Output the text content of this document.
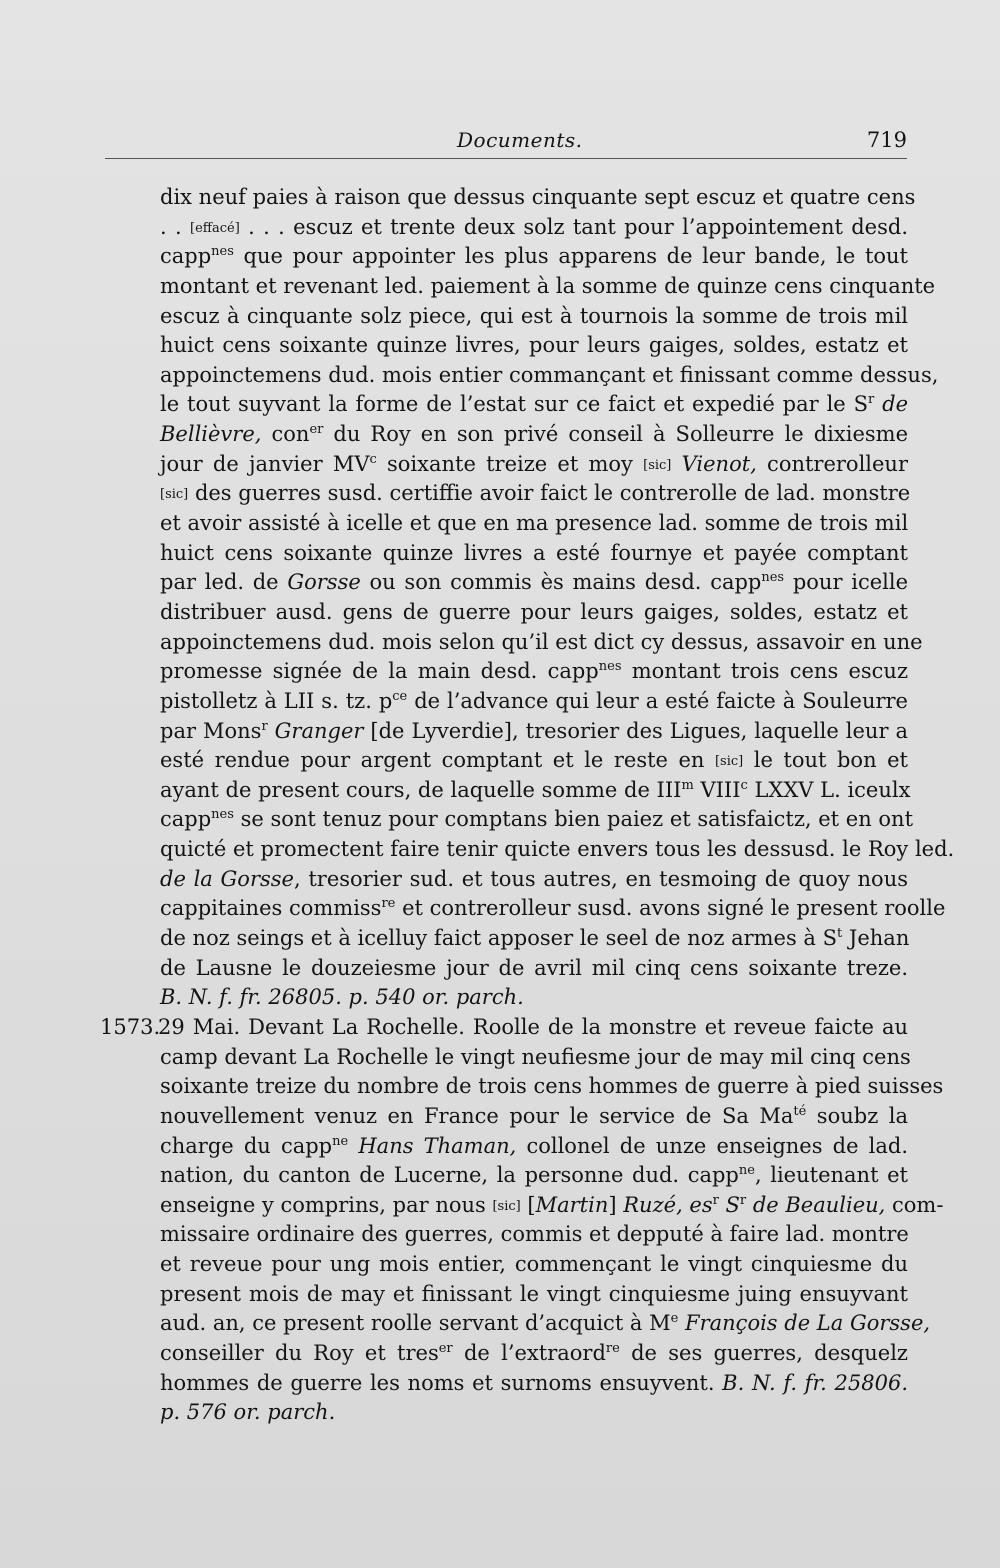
Documents.	719
dix neuf paies à raison que dessus cinquante sept escuz et quatre cens
. . [effacé] . . . escuz et trente deux solz tant pour l’appointement desd.
capp$^{nes}$ que pour appointer les plus apparens de leur bande, le tout
montant et revenant led. paiement à la somme de quinze cens cinquante
escuz à cinquante solz piece, qui est à tournois la somme de trois mil
huict cens soixante quinze livres, pour leurs gaiges, soldes, estatz et
appoinctemens dud. mois entier commançant et finissant comme dessus,
le tout suyvant la forme de l’estat sur ce faict et expedié par le $S^r$ de
Bellièvre, con$^{er}$ du Roy en son privé conseil à Solleurre le dixiesme
jour de janvier $MV^c$ soixante treize et moy [sic] Vienot, contrerolleur
[sic] des guerres susd. certiffie avoir faict le contrerolle de lad. monstre
et avoir assisté à icelle et que en ma presence lad. somme de trois mil
huict cens soixante quinze livres a esté fournye et payée comptant
par led. de Gorsse ou son commis ès mains desd. capp$^{nes}$ pour icelle
distribuer ausd. gens de guerre pour leurs gaiges, soldes, estatz et
appoinctemens dud. mois selon qu’il est dict cy dessus, assavoir en une
promesse signée de la main desd. capp$^{nes}$ montant trois cens escuz
pistolletz à LII s. tz. $p^{ce}$ de l’advance qui leur a esté faicte à Souleurre
par Mons$^r$ Granger [de Lyverdie], tresorier des Ligues, laquelle leur a
esté rendue pour argent comptant et le reste en [sic] le tout bon et
ayant de present cours, de laquelle somme de III$^m$ VIII$^c$ LXXV L. iceulx
capp$^{nes}$ se sont tenuz pour comptans bien paiez et satisfaictz, et en ont
quicté et promectent faire tenir quicte envers tous les dessusd. le Roy led.
de la Gorsse, tresorier sud. et tous autres, en tesmoing de quoy nous
cappitaines commiss$^{re}$ et contrerolleur susd. avons signé le present roolle
de noz seings et à icelluy faict apposer le seel de noz armes à $S^t$ Jehan
de Lausne le douzeiesme jour de avril mil cinq cens soixante treze.
B. N. f. fr. 26805. p. 540 or. parch.
1573.29 Mai. Devant La Rochelle. Roolle de la monstre et reveue faicte au
camp devant La Rochelle le vingt neufiesme jour de may mil cinq cens
soixante treize du nombre de trois cens hommes de guerre à pied suisses
nouvellement venuz en France pour le service de Sa $Ma^{té}$ soubz la
charge du capp$^{ne}$ Hans Thaman, collonel de unze enseignes de lad.
nation, du canton de Lucerne, la personne dud. capp$^{ne}$, lieutenant et
enseigne y comprins, par nous [sic] [Martin] Ruzé, $es^r$ $S^r$ de Beaulieu, com-
missaire ordinaire des guerres, commis et depputé à faire lad. montre
et reveue pour ung mois entier, commençant le vingt cinquiesme du
present mois de may et finissant le vingt cinquiesme juing ensuyvant
aud. an, ce present roolle servant d’acquict à Me François de La Gorsse,
conseiller du Roy et tres$^{er}$ de l’extraord$^{re}$ de ses guerres, desquelz
hommes de guerre les noms et surnoms ensuyvent. B. N. f. fr. 25806.
p. 576 or. parch.
